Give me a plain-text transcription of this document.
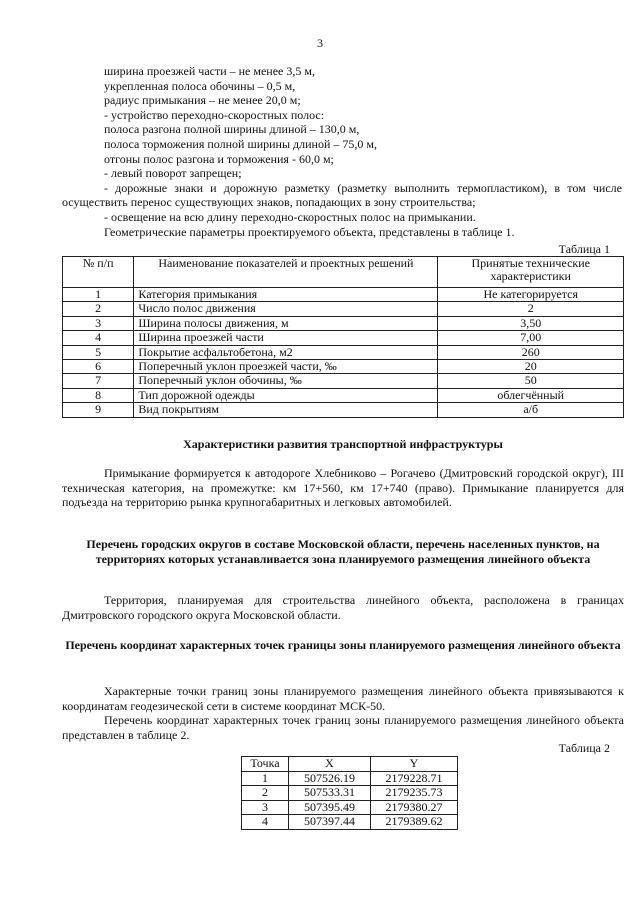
3
ширина проезжей части – не менее 3,5 м,
укрепленная полоса обочины – 0,5 м,
радиус примыкания – не менее 20,0 м;
- устройство переходно-скоростных полос:
полоса разгона полной ширины длиной – 130,0 м,
полоса торможения полной ширины длиной – 75,0 м,
отгоны полос разгона и торможения - 60,0 м;
- левый поворот запрещен;
- дорожные знаки и дорожную разметку (разметку выполнить термопластиком), в том числе осуществить перенос существующих знаков, попадающих в зону строительства;
- освещение на всю длину переходно-скоростных полос на примыкании.
Геометрические параметры проектируемого объекта, представлены в таблице 1.
Таблица 1
№ п/п	Наименование показателей и проектных решений	Принятые технические характеристики
1	Категория примыкания	Не категорируется
2	Число полос движения	2
3	Ширина полосы движения, м	3,50
4	Ширина проезжей части	7,00
5	Покрытие асфальтобетона, м2	260
6	Поперечный уклон проезжей части, ‰	20
7	Поперечный уклон обочины, ‰	50
8	Тип дорожной одежды	облегчённый
9	Вид покрытиям	а/б
Характеристики развития транспортной инфраструктуры
Примыкание формируется к автодороге Хлебниково – Рогачево (Дмитровский городской округ), III техническая категория, на промежутке: км 17+560, км 17+740 (право). Примыкание планируется для подъезда на территорию рынка крупногабаритных и легковых автомобилей.
Перечень городских округов в составе Московской области, перечень населенных пунктов, на территориях которых устанавливается зона планируемого размещения линейного объекта
Территория, планируемая для строительства линейного объекта, расположена в границах Дмитровского городского округа Московской области.
Перечень координат характерных точек границы зоны планируемого размещения линейного объекта
Характерные точки границ зоны планируемого размещения линейного объекта привязываются к координатам геодезической сети в системе координат МСК-50.
Перечень координат характерных точек границ зоны планируемого размещения линейного объекта представлен в таблице 2.
Таблица 2
Точка	X	Y
1	507526.19	2179228.71
2	507533.31	2179235.73
3	507395.49	2179380.27
4	507397.44	2179389.62
